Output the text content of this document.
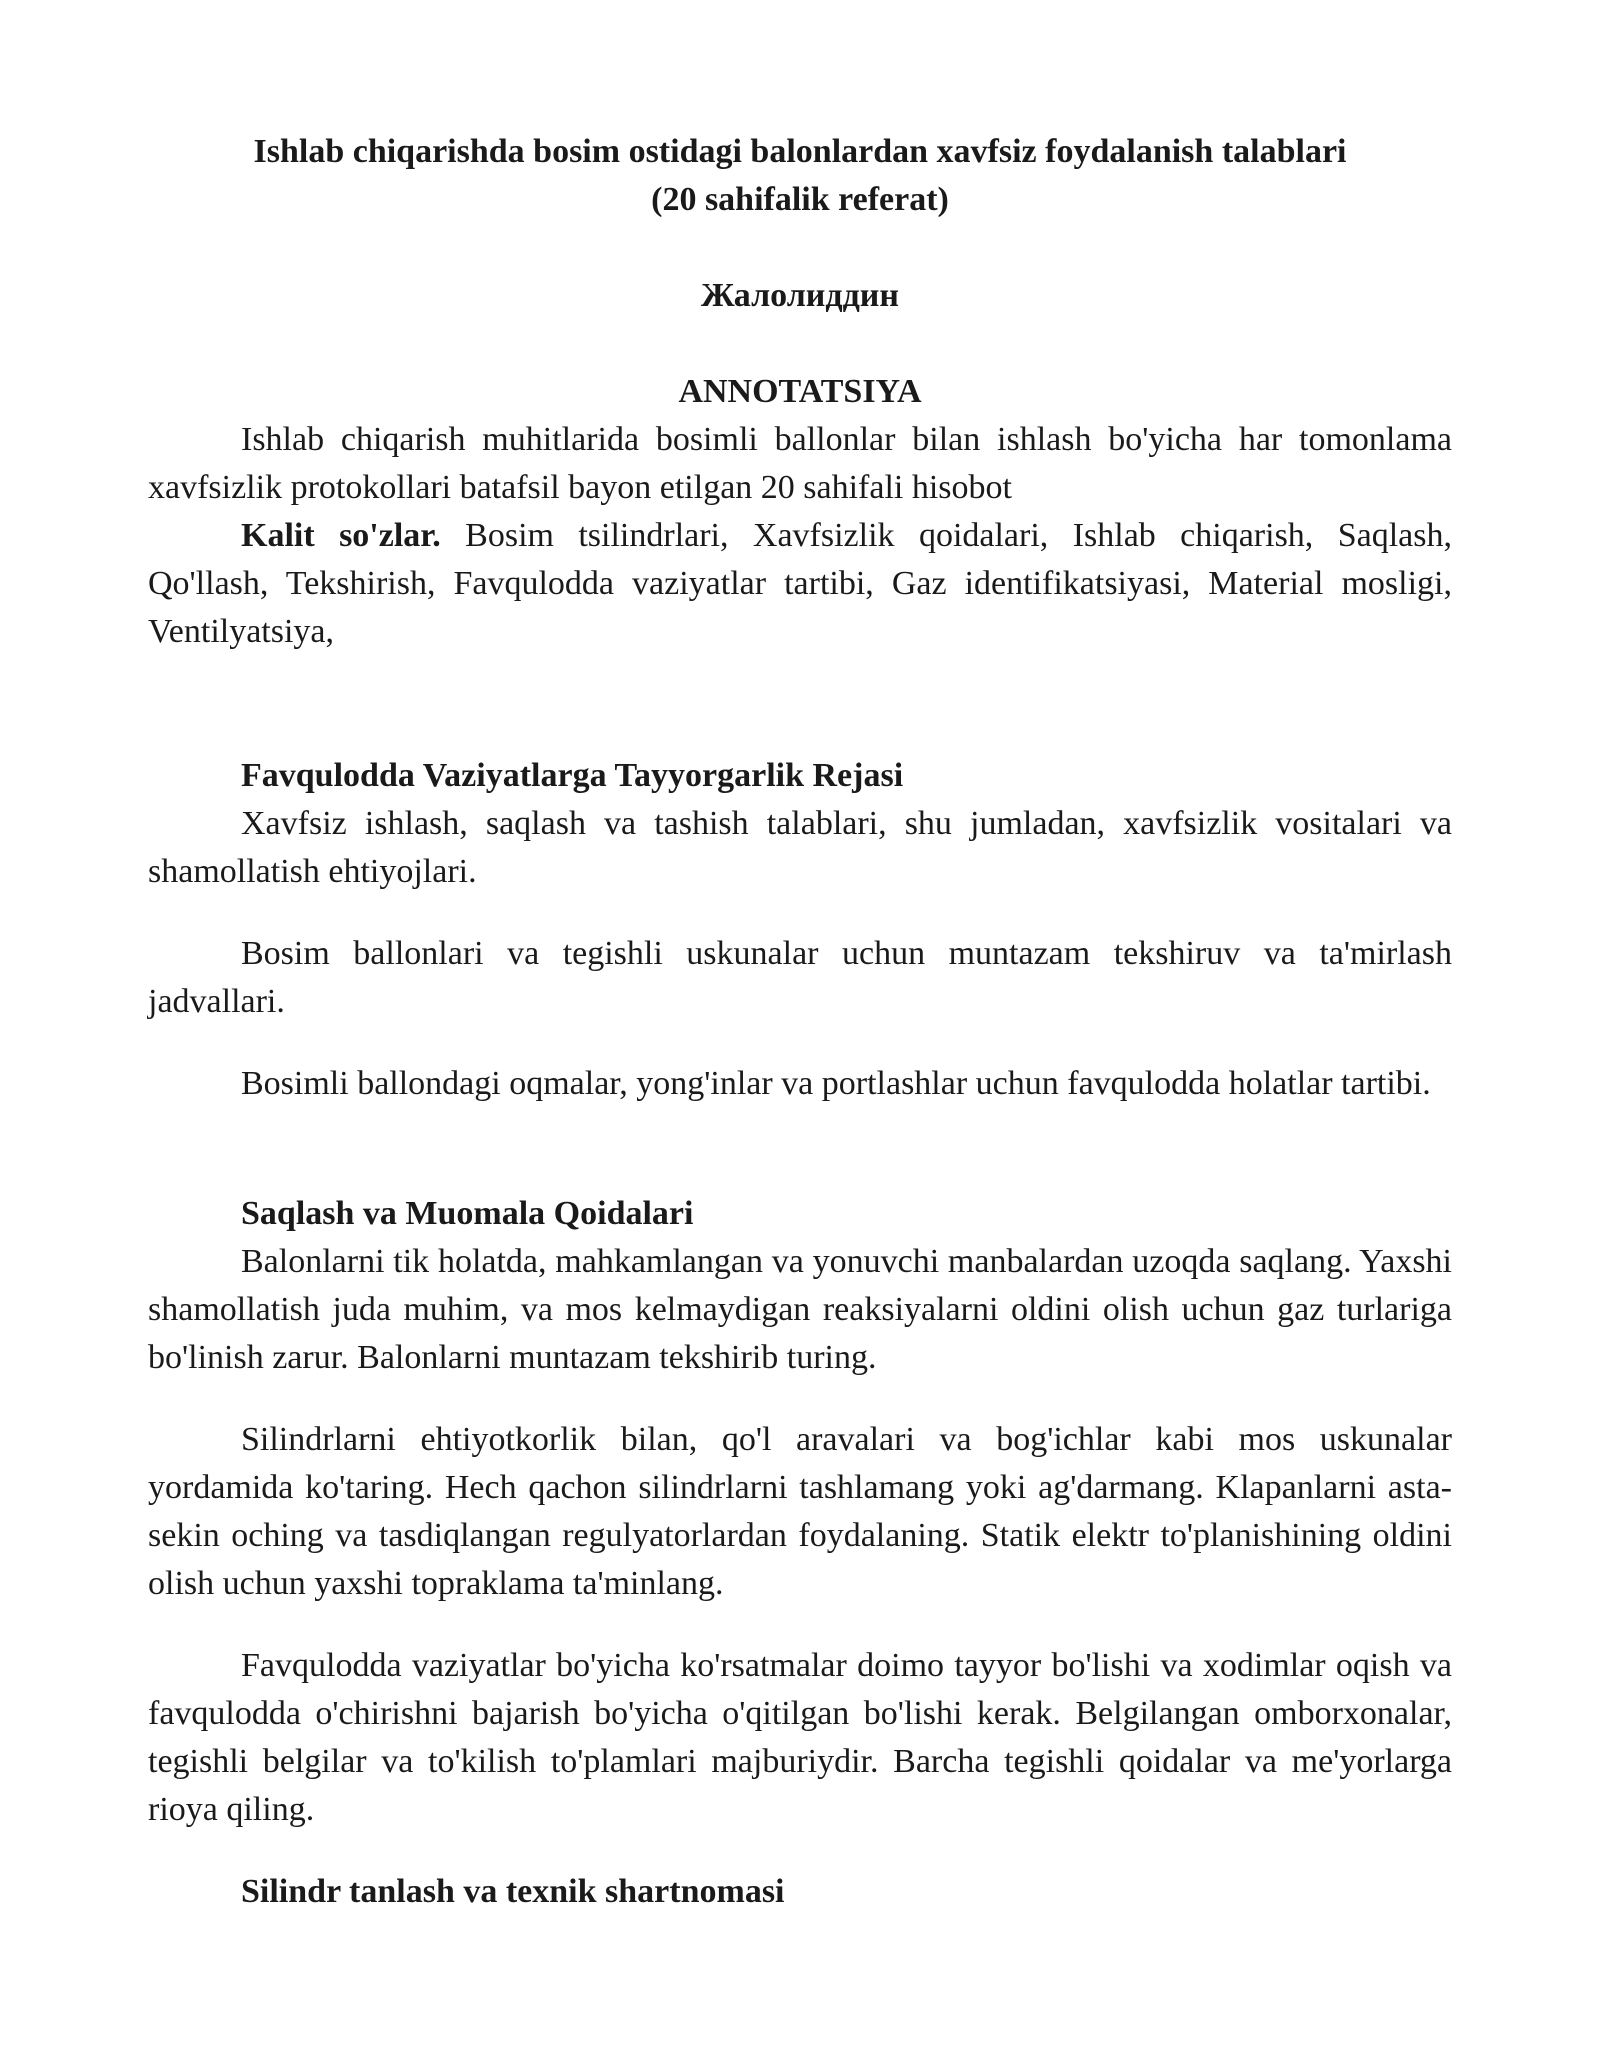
Ishlab chiqarishda bosim ostidagi balonlardan xavfsiz foydalanish talablari
(20 sahifalik referat)
Жалолиддин
ANNOTATSIYA

Ishlab chiqarish muhitlarida bosimli ballonlar bilan ishlash bo'yicha har tomonlama xavfsizlik protokollari batafsil bayon etilgan 20 sahifali hisobot

Kalit so'zlar. Bosim tsilindrlari, Xavfsizlik qoidalari, Ishlab chiqarish, Saqlash, Qo'llash, Tekshirish, Favqulodda vaziyatlar tartibi, Gaz identifikatsiyasi, Material mosligi, Ventilyatsiya,

Favqulodda Vaziyatlarga Tayyorgarlik Rejasi

Xavfsiz ishlash, saqlash va tashish talablari, shu jumladan, xavfsizlik vositalari va shamollatish ehtiyojlari.

Bosim ballonlari va tegishli uskunalar uchun muntazam tekshiruv va ta'mirlash jadvallari.

Bosimli ballondagi oqmalar, yong'inlar va portlashlar uchun favqulodda holatlar tartibi.

Saqlash va Muomala Qoidalari

Balonlarni tik holatda, mahkamlangan va yonuvchi manbalardan uzoqda saqlang. Yaxshi shamollatish juda muhim, va mos kelmaydigan reaksiyalarni oldini olish uchun gaz turlariga bo'linish zarur. Balonlarni muntazam tekshirib turing.

Silindrlarni ehtiyotkorlik bilan, qo'l aravalari va bog'ichlar kabi mos uskunalar yordamida ko'taring. Hech qachon silindrlarni tashlamang yoki ag'darmang. Klapanlarni asta-sekin oching va tasdiqlangan regulyatorlardan foydalaning. Statik elektr to'planishining oldini olish uchun yaxshi topraklama ta'minlang.

Favqulodda vaziyatlar bo'yicha ko'rsatmalar doimo tayyor bo'lishi va xodimlar oqish va favqulodda o'chirishni bajarish bo'yicha o'qitilgan bo'lishi kerak. Belgilangan omborxonalar, tegishli belgilar va to'kilish to'plamlari majburiydir. Barcha tegishli qoidalar va me'yorlarga rioya qiling.

Silindr tanlash va texnik shartnomasi
